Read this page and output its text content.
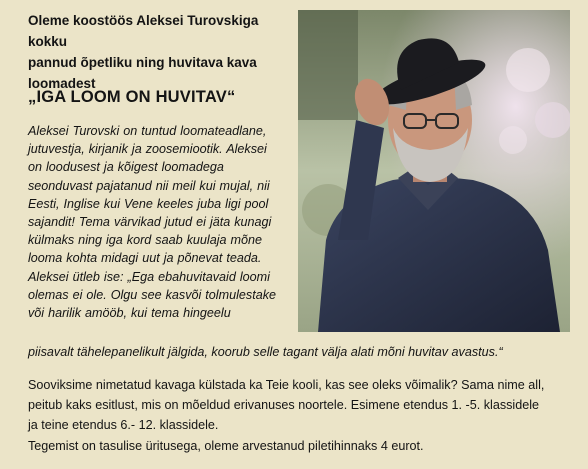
Oleme koostöös Aleksei Turovskiga kokku
pannud õpetliku ning huvitava kava
loomadest
„IGA LOOM ON HUVITAV“
Aleksei Turovski on tuntud loomateadlane,
jutuvestja, kirjanik ja zoosemiootik. Aleksei
on loodusest ja kõigest loomadega
seonduvast pajatanud nii meil kui mujal, nii
Eesti, Inglise kui Vene keeles juba ligi pool
sajandit! Tema värvikad jutud ei jäta kunagi
külmaks ning iga kord saab kuulaja mõne
looma kohta midagi uut ja põnevat teada.
Aleksei ütleb ise: „Ega ebahuvitavaid loomi
olemas ei ole. Olgu see kasvõi tolmulestake
või harilik amööb, kui tema hingeelu
piisavalt tähelepanelikult jälgida, koorub selle tagant välja alati mõni huvitav avastus.“
Sooviksime nimetatud kavaga külstada ka Teie kooli, kas see oleks võimalik? Sama nime all,
peitub kaks esitlust, mis on mõeldud erivanuses noortele. Esimene etendus 1. -5. klassidele
ja teine etendus 6.- 12. klassidele.
Tegemist on tasulise üritusega, oleme arvestanud piletihinnaks 4 eurot.
